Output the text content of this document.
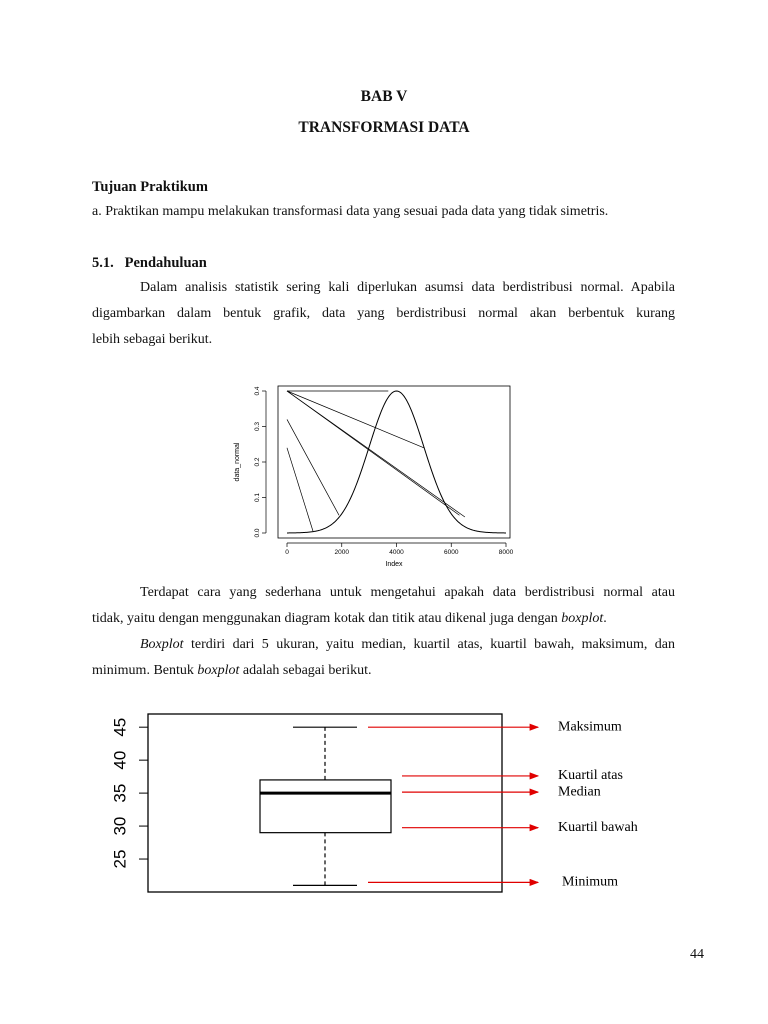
BAB V
TRANSFORMASI DATA
Tujuan Praktikum
a. Praktikan mampu melakukan transformasi data yang sesuai pada data yang tidak simetris.
5.1.   Pendahuluan
Dalam analisis statistik sering kali diperlukan asumsi data berdistribusi normal. Apabila
digambarkan dalam bentuk grafik, data yang berdistribusi normal akan berbentuk kurang
lebih sebagai berikut.
0.0
0.1
0.2
0.3
0.4
0	2000	4000	6000	8000
data_normal
Index
Terdapat cara yang sederhana untuk mengetahui apakah data berdistribusi normal atau
tidak, yaitu dengan menggunakan diagram kotak dan titik atau dikenal juga dengan boxplot.
Boxplot terdiri dari 5 ukuran, yaitu median, kuartil atas, kuartil bawah, maksimum, dan
minimum. Bentuk boxplot adalah sebagai berikut.
25
30
35
40
45	Maksimum
Kuartil atas
Median
Kuartil bawah
Minimum
44
